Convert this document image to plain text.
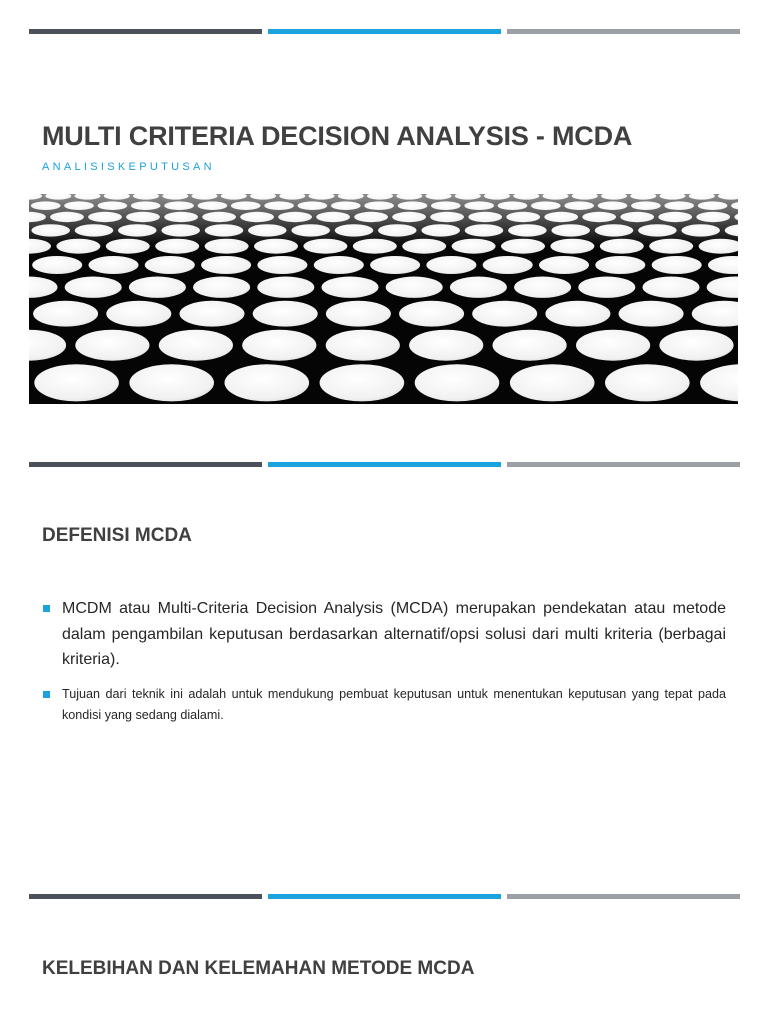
MULTI CRITERIA DECISION ANALYSIS - MCDA

ANALISISKEPUTUSAN

DEFENISI MCDA
MCDM atau Multi-Criteria Decision Analysis (MCDA) merupakan pendekatan atau metode dalam pengambilan keputusan berdasarkan alternatif/opsi solusi dari multi kriteria (berbagai kriteria).
Tujuan dari teknik ini adalah untuk mendukung pembuat keputusan untuk menentukan keputusan yang tepat pada kondisi yang sedang dialami.
KELEBIHAN DAN KELEMAHAN METODE MCDA
